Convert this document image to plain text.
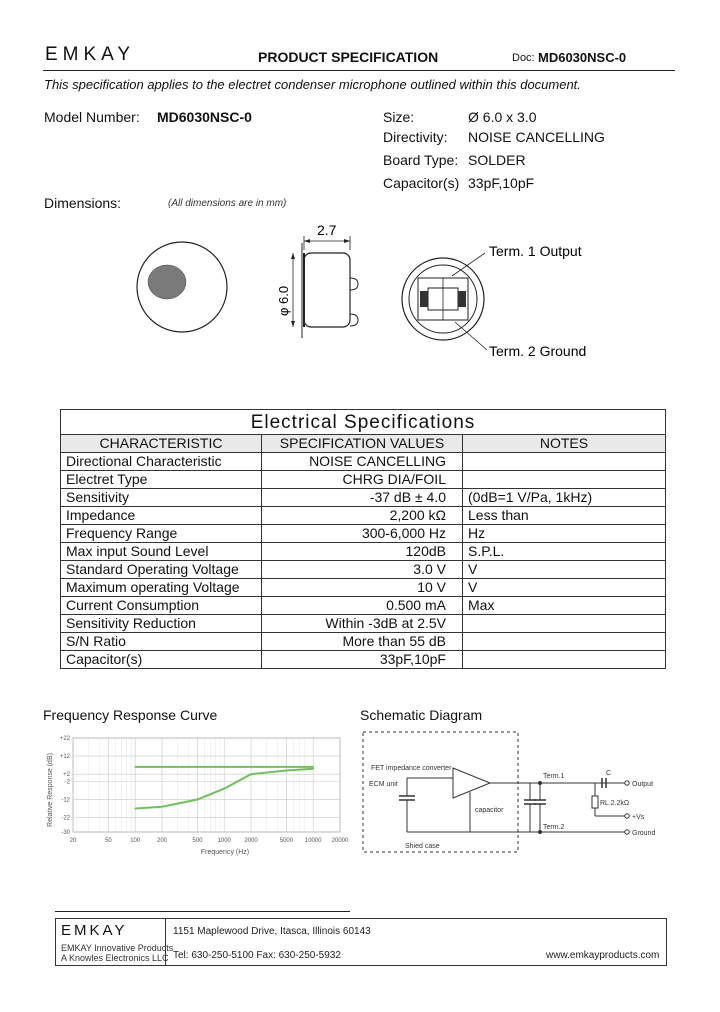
EMKAY	PRODUCT SPECIFICATION	Doc: MD6030NSC-0
This specification applies to the electret condenser microphone outlined within this document.
Model Number: MD6030NSC-0	Size:	Ø 6.0 x 3.0
Directivity: NOISE CANCELLING
Board Type: SOLDER
Capacitor(s) 33pF,10pF
Dimensions:	(All dimensions are in mm)
2.7
φ 6.0
Term. 1 Output
Term. 2 Ground
Electrical Specifications		
CHARACTERISTIC	SPECIFICATION VALUES	NOTES
Directional Characteristic	NOISE CANCELLING	
Electret Type	CHRG DIA/FOIL	
Sensitivity	-37 dB ± 4.0	(0dB=1 V/Pa, 1kHz)
Impedance	2,200 kΩ	Less than
Frequency Range	300-6,000 Hz	Hz
Max input Sound Level	120dB	S.P.L.
Standard Operating Voltage	3.0 V	V
Maximum operating Voltage	10 V	V
Current Consumption	0.500 mA	Max
Sensitivity Reduction	Within -3dB at 2.5V	
S/N Ratio	More than 55 dB	
Capacitor(s)	33pF,10pF	
Frequency Response Curve	Schematic Diagram
Relative Response (dB)
Frequency (Hz)
20	50	100	200	500	1000 2000	5000 10000 20000
+22
+12
+2
-2
-12
-22
-30
FET impedance converter
ECM unit
capacitor
Term.1
Term.2
Shied case
C
RL 2.2kΩ
Output
+Vs
Ground
EMKAY
EMKAY Innovative Products
A Knowles Electronics LLC
1151 Maplewood Drive, Itasca, Illinois 60143
Tel: 630-250-5100 Fax: 630-250-5932	www.emkayproducts.com
